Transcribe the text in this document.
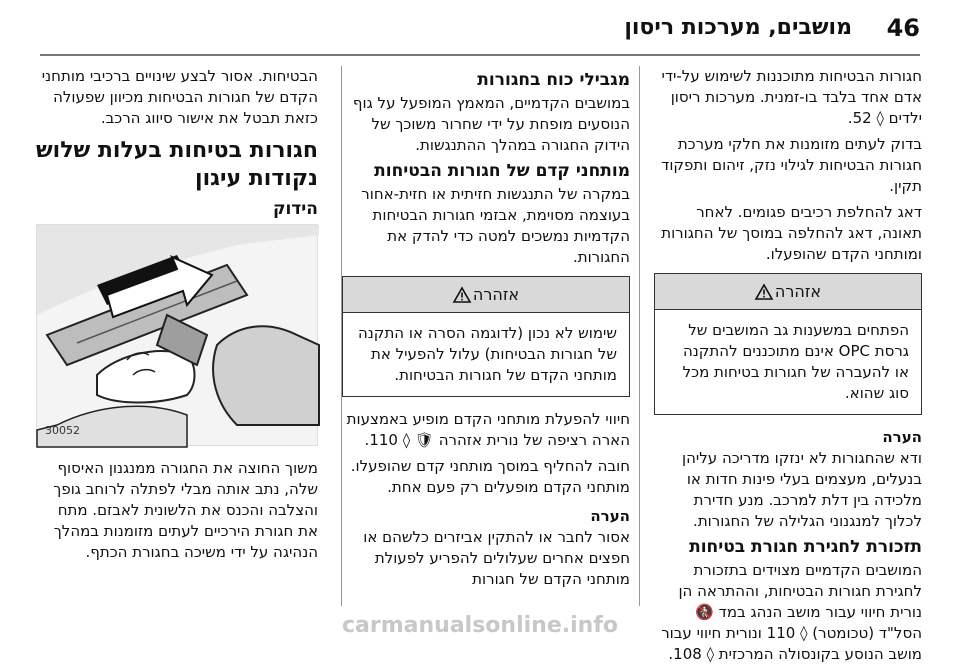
46
מושבים, מערכות ריסון

חגורות הבטיחות מתוכננות לשימוש על-ידי אדם אחד בלבד בו-זמנית. מערכות ריסון ילדים ◊ 52.

בדוק לעתים מזומנות את חלקי מערכת חגורות הבטיחות לגילוי נזק, זיהום ותפקוד תקין.

דאג להחלפת רכיבים פגומים. לאחר תאונה, דאג להחלפה במוסך של החגורות ומותחני הקדם שהופעלו.

אזהרה
הפתחים במשענות גב המושבים של גרסת OPC אינם מתוכננים להתקנה או להעברה של חגורות בטיחות מכל סוג שהוא.
הערה

ודא שהחגורות לא ינזקו מדריכה עליהן בנעלים, מעצמים בעלי פינות חדות או מלכידה בין דלת למרכב. מנע חדירת לכלוך למנגנוני הגלילה של החגורות.

תזכורת לחגירת חגורת בטיחות

המושבים הקדמיים מצוידים בתזכורת לחגירת חגורות הבטיחות, וההתראה הן נורית חיווי עבור מושב הנהג במד 🚷 הסל"ד (טכומטר) ◊ 110 ונורית חיווי עבור מושב הנוסע בקונסולה המרכזית ◊ 108.

מגבילי כוח בחגורות

במושבים הקדמיים, המאמץ המופעל על גוף הנוסעים מופחת על ידי שחרור משוכך של הידוק החגורה במהלך ההתנגשות.

מותחני קדם של חגורות הבטיחות

במקרה של התנגשות חזיתית או חזית-אחור בעוצמה מסוימת, אבזמי חגורות הבטיחות הקדמיות נמשכים למטה כדי להדק את החגורות.

אזהרה
שימוש לא נכון (לדוגמה הסרה או התקנה של חגורות הבטיחות) עלול להפעיל את מותחני הקדם של חגורות הבטיחות.

חיווי להפעלת מותחני הקדם מופיע באמצעות הארה רציפה של נורית אזהרה 🛡 ◊ 110.

חובה להחליף במוסך מותחני קדם שהופעלו. מותחני הקדם מופעלים רק פעם אחת.

הערה

אסור לחבר או להתקין אביזרים כלשהם או חפצים אחרים שעלולים להפריע לפעולת מותחני הקדם של חגורות

הבטיחות. אסור לבצע שינויים ברכיבי מותחני הקדם של חגורות הבטיחות מכיוון שפעולה כזאת תבטל את אישור סיווג הרכב.

חגורות בטיחות בעלות שלוש נקודות עיגון
הידוק
30052

משוך החוצה את החגורה ממנגנון האיסוף שלה, נתב אותה מבלי לפתלה לרוחב גופך והצלבה והכנס את הלשונית לאבזם. מתח את חגורת הירכיים לעתים מזומנות במהלך הנהיגה על ידי משיכה בחגורת הכתף.

carmanualsonline.info
